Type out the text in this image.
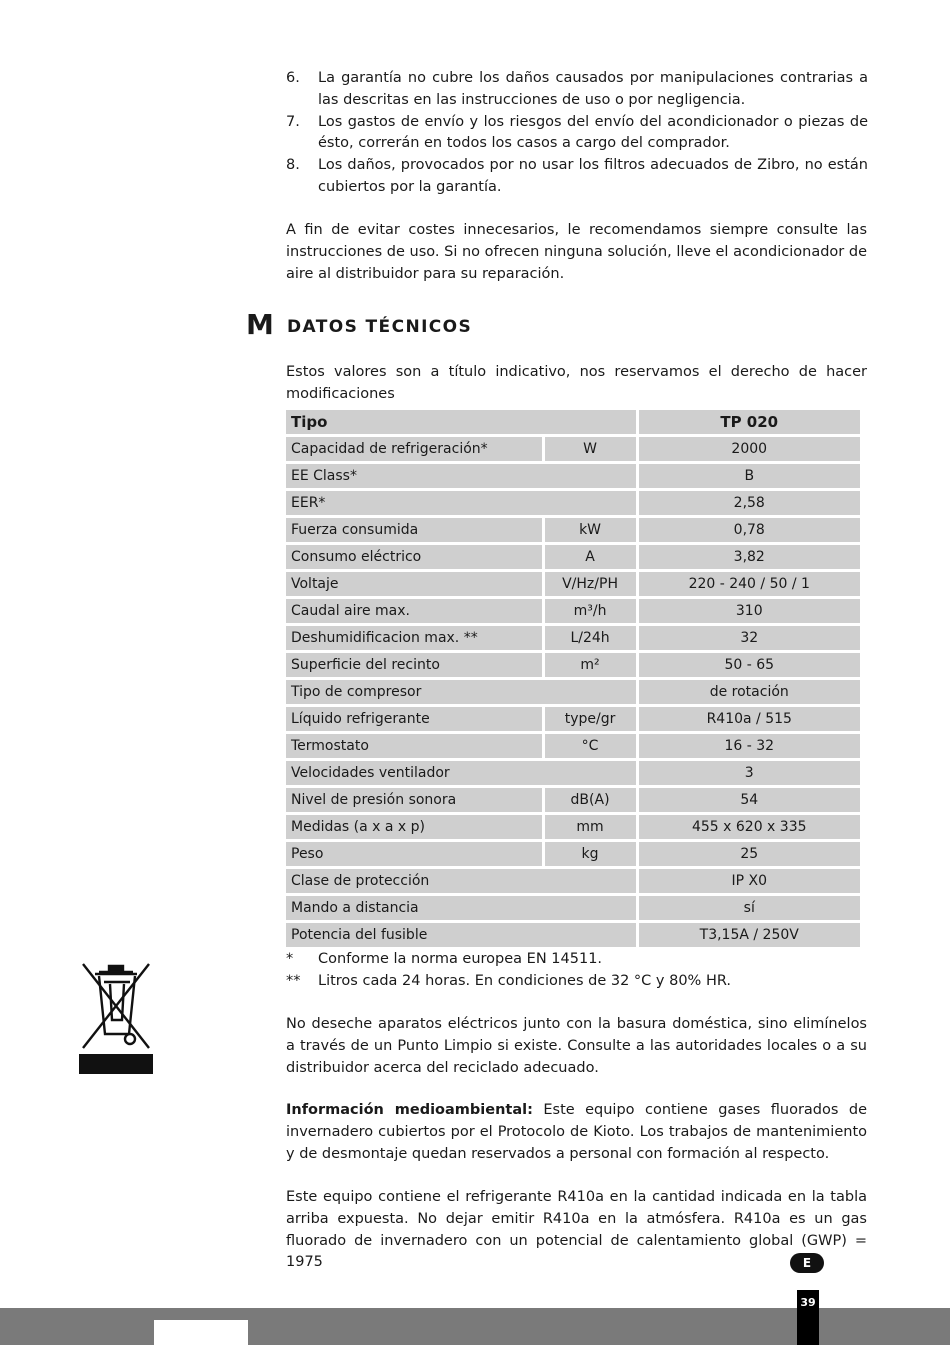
6.	La garantía no cubre los daños causados por manipulaciones contrarias a las descritas en las instrucciones de uso o por negligencia.
7.	Los gastos de envío y los riesgos del envío del acondicionador o piezas de ésto, correrán en todos los casos a cargo del comprador.
8.	Los daños, provocados por no usar los filtros adecuados de Zibro, no están cubiertos por la garantía.

A fin de evitar costes innecesarios, le recomendamos siempre consulte las instrucciones de uso. Si no ofrecen ninguna solución, lleve el acondicionador de aire al distribuidor para su reparación.

M DATOS TÉCNICOS

Estos valores son a título indicativo, nos reservamos el derecho de hacer modificaciones

Tipo		TP 020
Capacidad de refrigeración*	W	2000
EE Class*		B
EER*		2,58
Fuerza consumida	kW	0,78
Consumo eléctrico	A	3,82
Voltaje	V/Hz/PH	220 - 240 / 50 / 1
Caudal aire max.	m³/h	310
Deshumidificacion max. **	L/24h	32
Superficie del recinto	m²	50 - 65
Tipo de compresor		de rotación
Líquido refrigerante	type/gr	R410a / 515
Termostato	°C	16 - 32
Velocidades ventilador		3
Nivel de presión sonora	dB(A)	54
Medidas (a x a x p)	mm	455 x 620 x 335
Peso	kg	25
Clase de protección		IP X0
Mando a distancia		sí
Potencia del fusible		T3,15A / 250V
*	Conforme la norma europea EN 14511.
**	Litros cada 24 horas. En condiciones de 32 °C y 80% HR.

No deseche aparatos eléctricos junto con la basura doméstica, sino elimínelos a través de un Punto Limpio si existe. Consulte a las autoridades locales o a su distribuidor acerca del reciclado adecuado.

Información medioambiental: Este equipo contiene gases fluorados de invernadero cubiertos por el Protocolo de Kioto. Los trabajos de mantenimiento y de desmontaje quedan reservados a personal con formación al respecto.

Este equipo contiene el refrigerante R410a en la cantidad indicada en la tabla arriba expuesta. No dejar emitir R410a en la atmósfera. R410a es un gas fluorado de invernadero con un potencial de calentamiento global (GWP) = 1975	E
39
